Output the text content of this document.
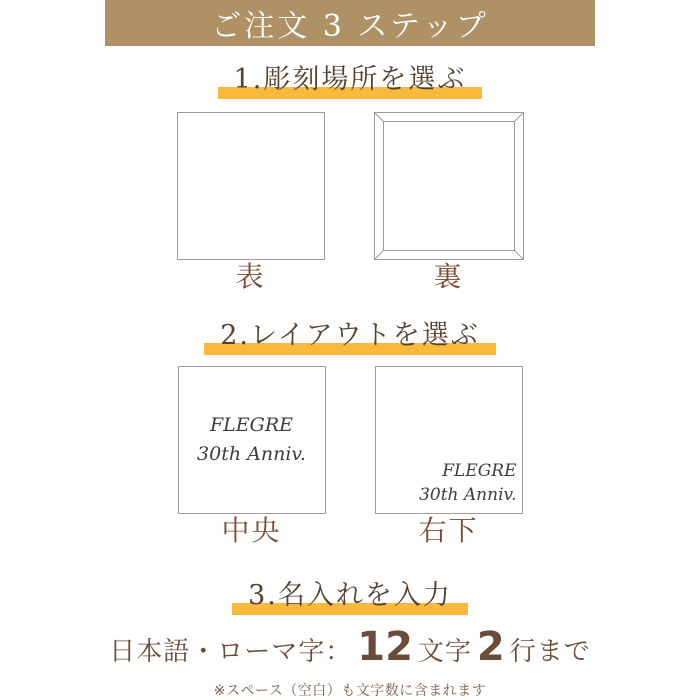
ご注文 3 ステップ
1.彫刻場所を選ぶ
表	裏
2.レイアウトを選ぶ
FLEGRE
30th Anniv.
中央
FLEGRE
30th Anniv.
右下
3.名入れを入力
日本語・ローマ字： 12 文字 2 行まで
※スペース（空白）も文字数に含まれます
